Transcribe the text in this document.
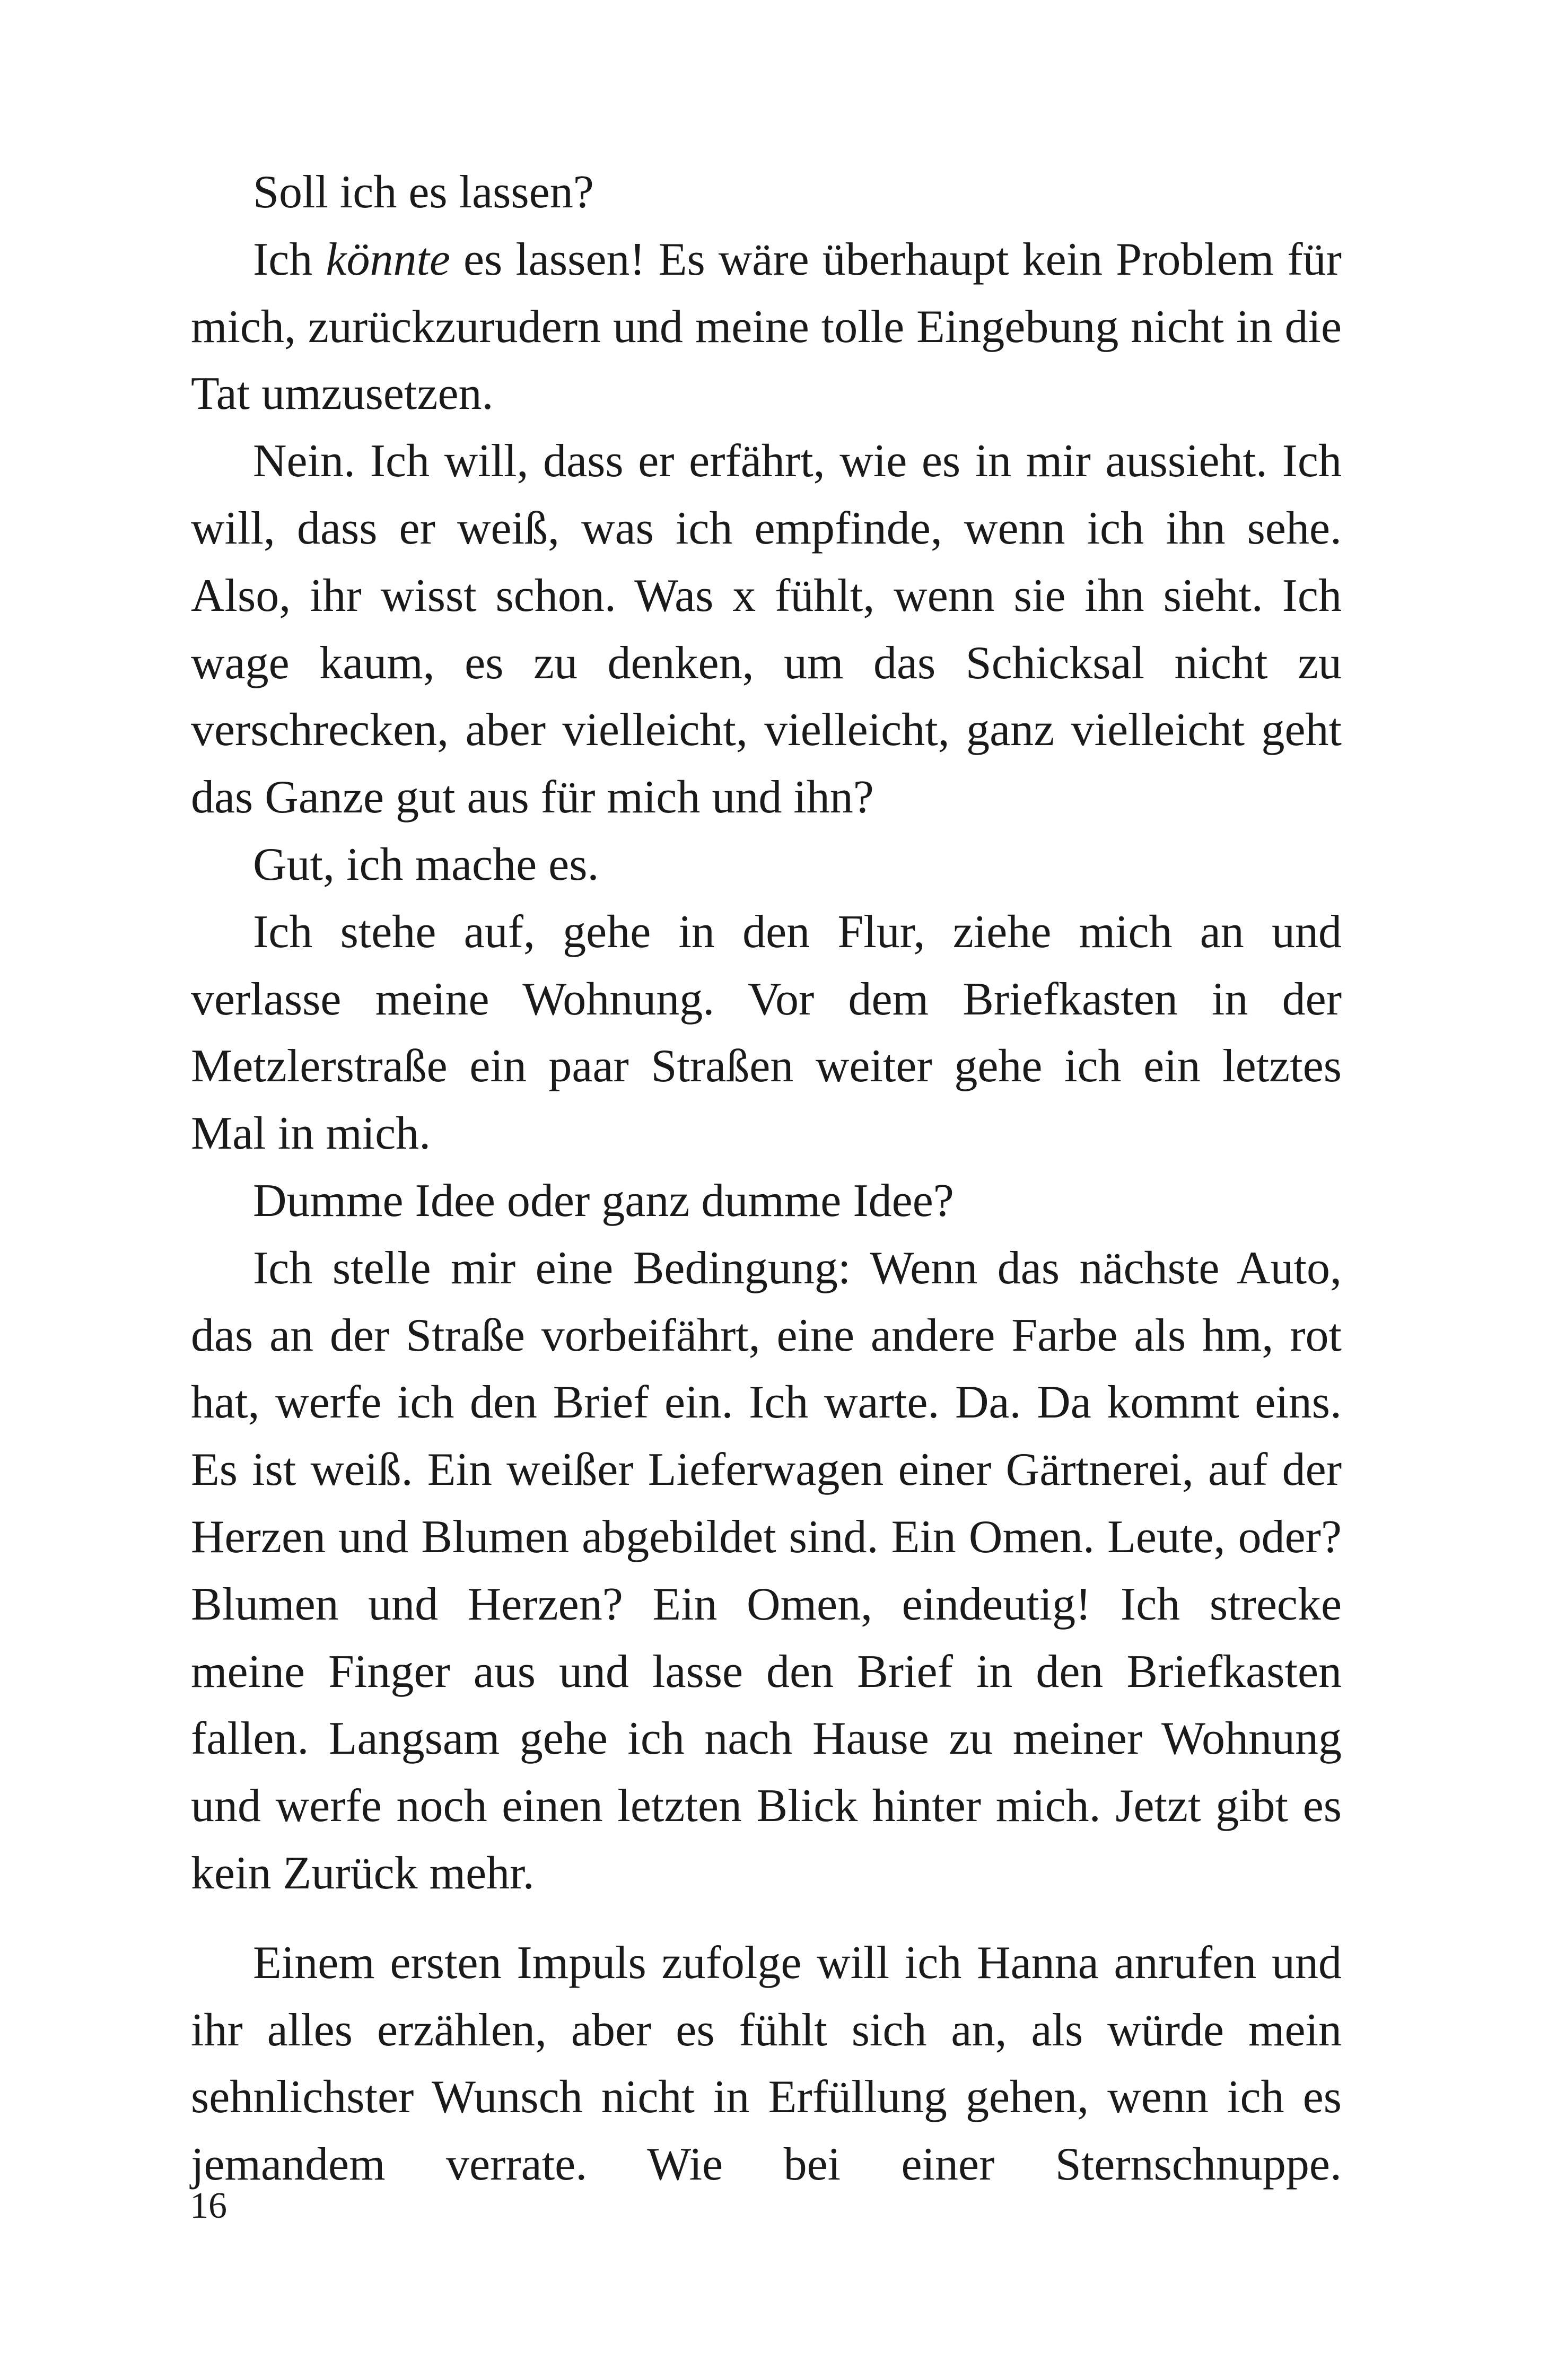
Soll ich es lassen?

Ich könnte es lassen! Es wäre überhaupt kein Problem für mich, zurückzurudern und meine tolle Eingebung nicht in die Tat umzusetzen.

Nein. Ich will, dass er erfährt, wie es in mir aussieht. Ich will, dass er weiß, was ich empfinde, wenn ich ihn sehe. Also, ihr wisst schon. Was x fühlt, wenn sie ihn sieht. Ich wage kaum, es zu denken, um das Schicksal nicht zu verschrecken, aber vielleicht, vielleicht, ganz vielleicht geht das Ganze gut aus für mich und ihn?

Gut, ich mache es.

Ich stehe auf, gehe in den Flur, ziehe mich an und verlasse meine Wohnung. Vor dem Briefkasten in der Metzlerstraße ein paar Straßen weiter gehe ich ein letztes Mal in mich.

Dumme Idee oder ganz dumme Idee?

Ich stelle mir eine Bedingung: Wenn das nächste Auto, das an der Straße vorbeifährt, eine andere Farbe als hm, rot hat, werfe ich den Brief ein. Ich warte. Da. Da kommt eins. Es ist weiß. Ein weißer Lieferwagen einer Gärtnerei, auf der Herzen und Blumen abgebildet sind. Ein Omen. Leute, oder? Blumen und Herzen? Ein Omen, eindeutig! Ich strecke meine Finger aus und lasse den Brief in den Briefkasten fallen. Langsam gehe ich nach Hause zu meiner Wohnung und werfe noch einen letzten Blick hinter mich. Jetzt gibt es kein Zurück mehr.

Einem ersten Impuls zufolge will ich Hanna anrufen und ihr alles erzählen, aber es fühlt sich an, als würde mein sehnlichster Wunsch nicht in Erfüllung gehen, wenn ich es jemandem verrate. Wie bei einer Sternschnuppe.

16
